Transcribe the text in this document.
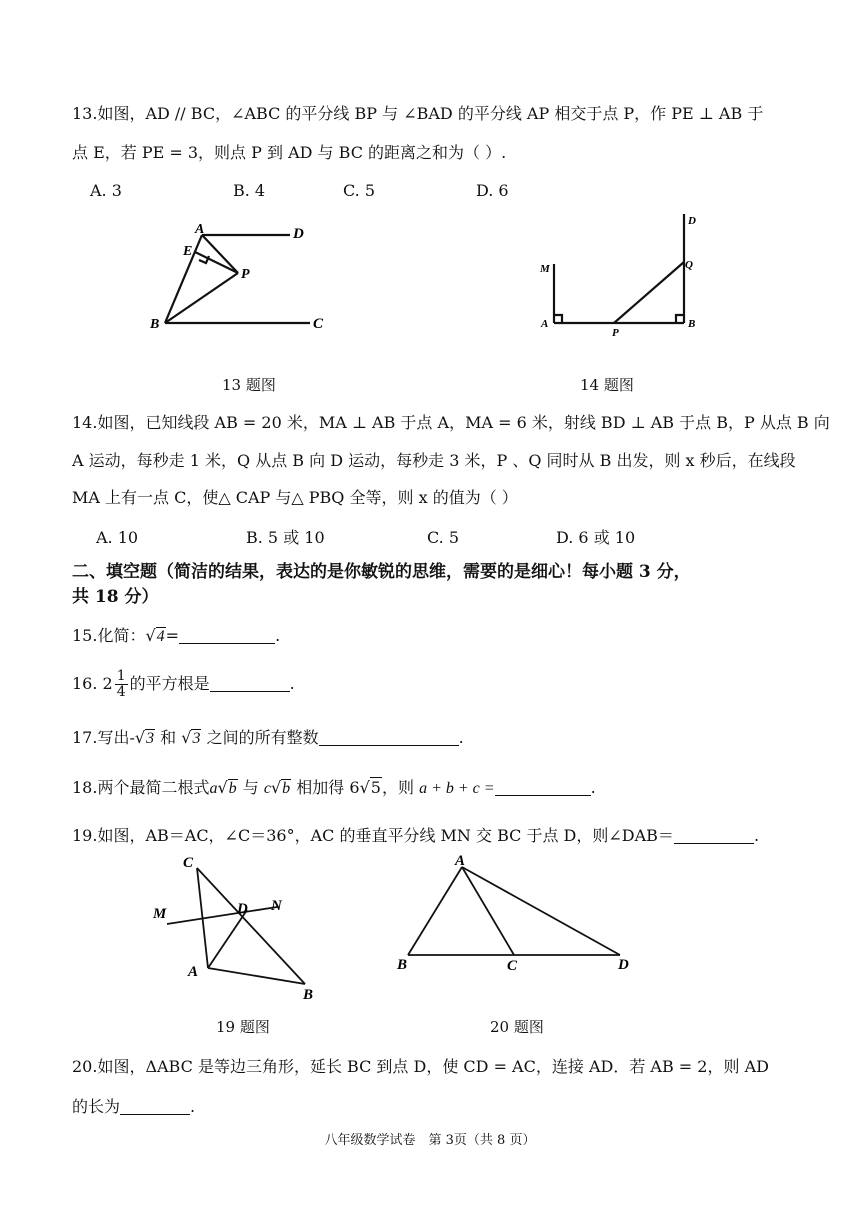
13.如图，AD // BC，∠ABC 的平分线 BP 与 ∠BAD 的平分线 AP 相交于点 P，作 PE ⊥ AB 于
点 E，若 PE = 3，则点 P 到 AD 与 BC 的距离之和为（ ）.
A. 3	B. 4	C. 5	D. 6
A	D
E
P
B	C
D
M	Q
A
P
B
13 题图	14 题图
14.如图，已知线段 AB = 20 米，MA ⊥ AB 于点 A，MA = 6 米，射线 BD ⊥ AB 于点 B，P 从点 B 向
A 运动，每秒走 1 米，Q 从点 B 向 D 运动，每秒走 3 米，P 、Q 同时从 B 出发，则 x 秒后，在线段
MA 上有一点 C，使△ CAP 与△ PBQ 全等，则 x 的值为（ ）
A. 10	B. 5 或 10	C. 5	D. 6 或 10
二、填空题（简洁的结果，表达的是你敏锐的思维，需要的是细心！每小题 3 分，
共 18 分）
15.化简：√4=	.
16. $2 \frac{1}{4}$ 的平方根是	.
17.写出-√3 和 √3 之间的所有整数	.
18.两个最简二根式a√b 与 c√b 相加得 6√5，则 a + b + c =	.
19.如图，AB＝AC，∠C＝36°，AC 的垂直平分线 MN 交 BC 于点 D，则∠DAB＝	.
C
M	D N
A
B
A
B	C	D
19 题图	20 题图
20.如图，ΔABC 是等边三角形，延长 BC 到点 D，使 CD = AC，连接 AD．若 AB = 2，则 AD
的长为	.
八年级数学试卷　第 3页（共 8 页）
